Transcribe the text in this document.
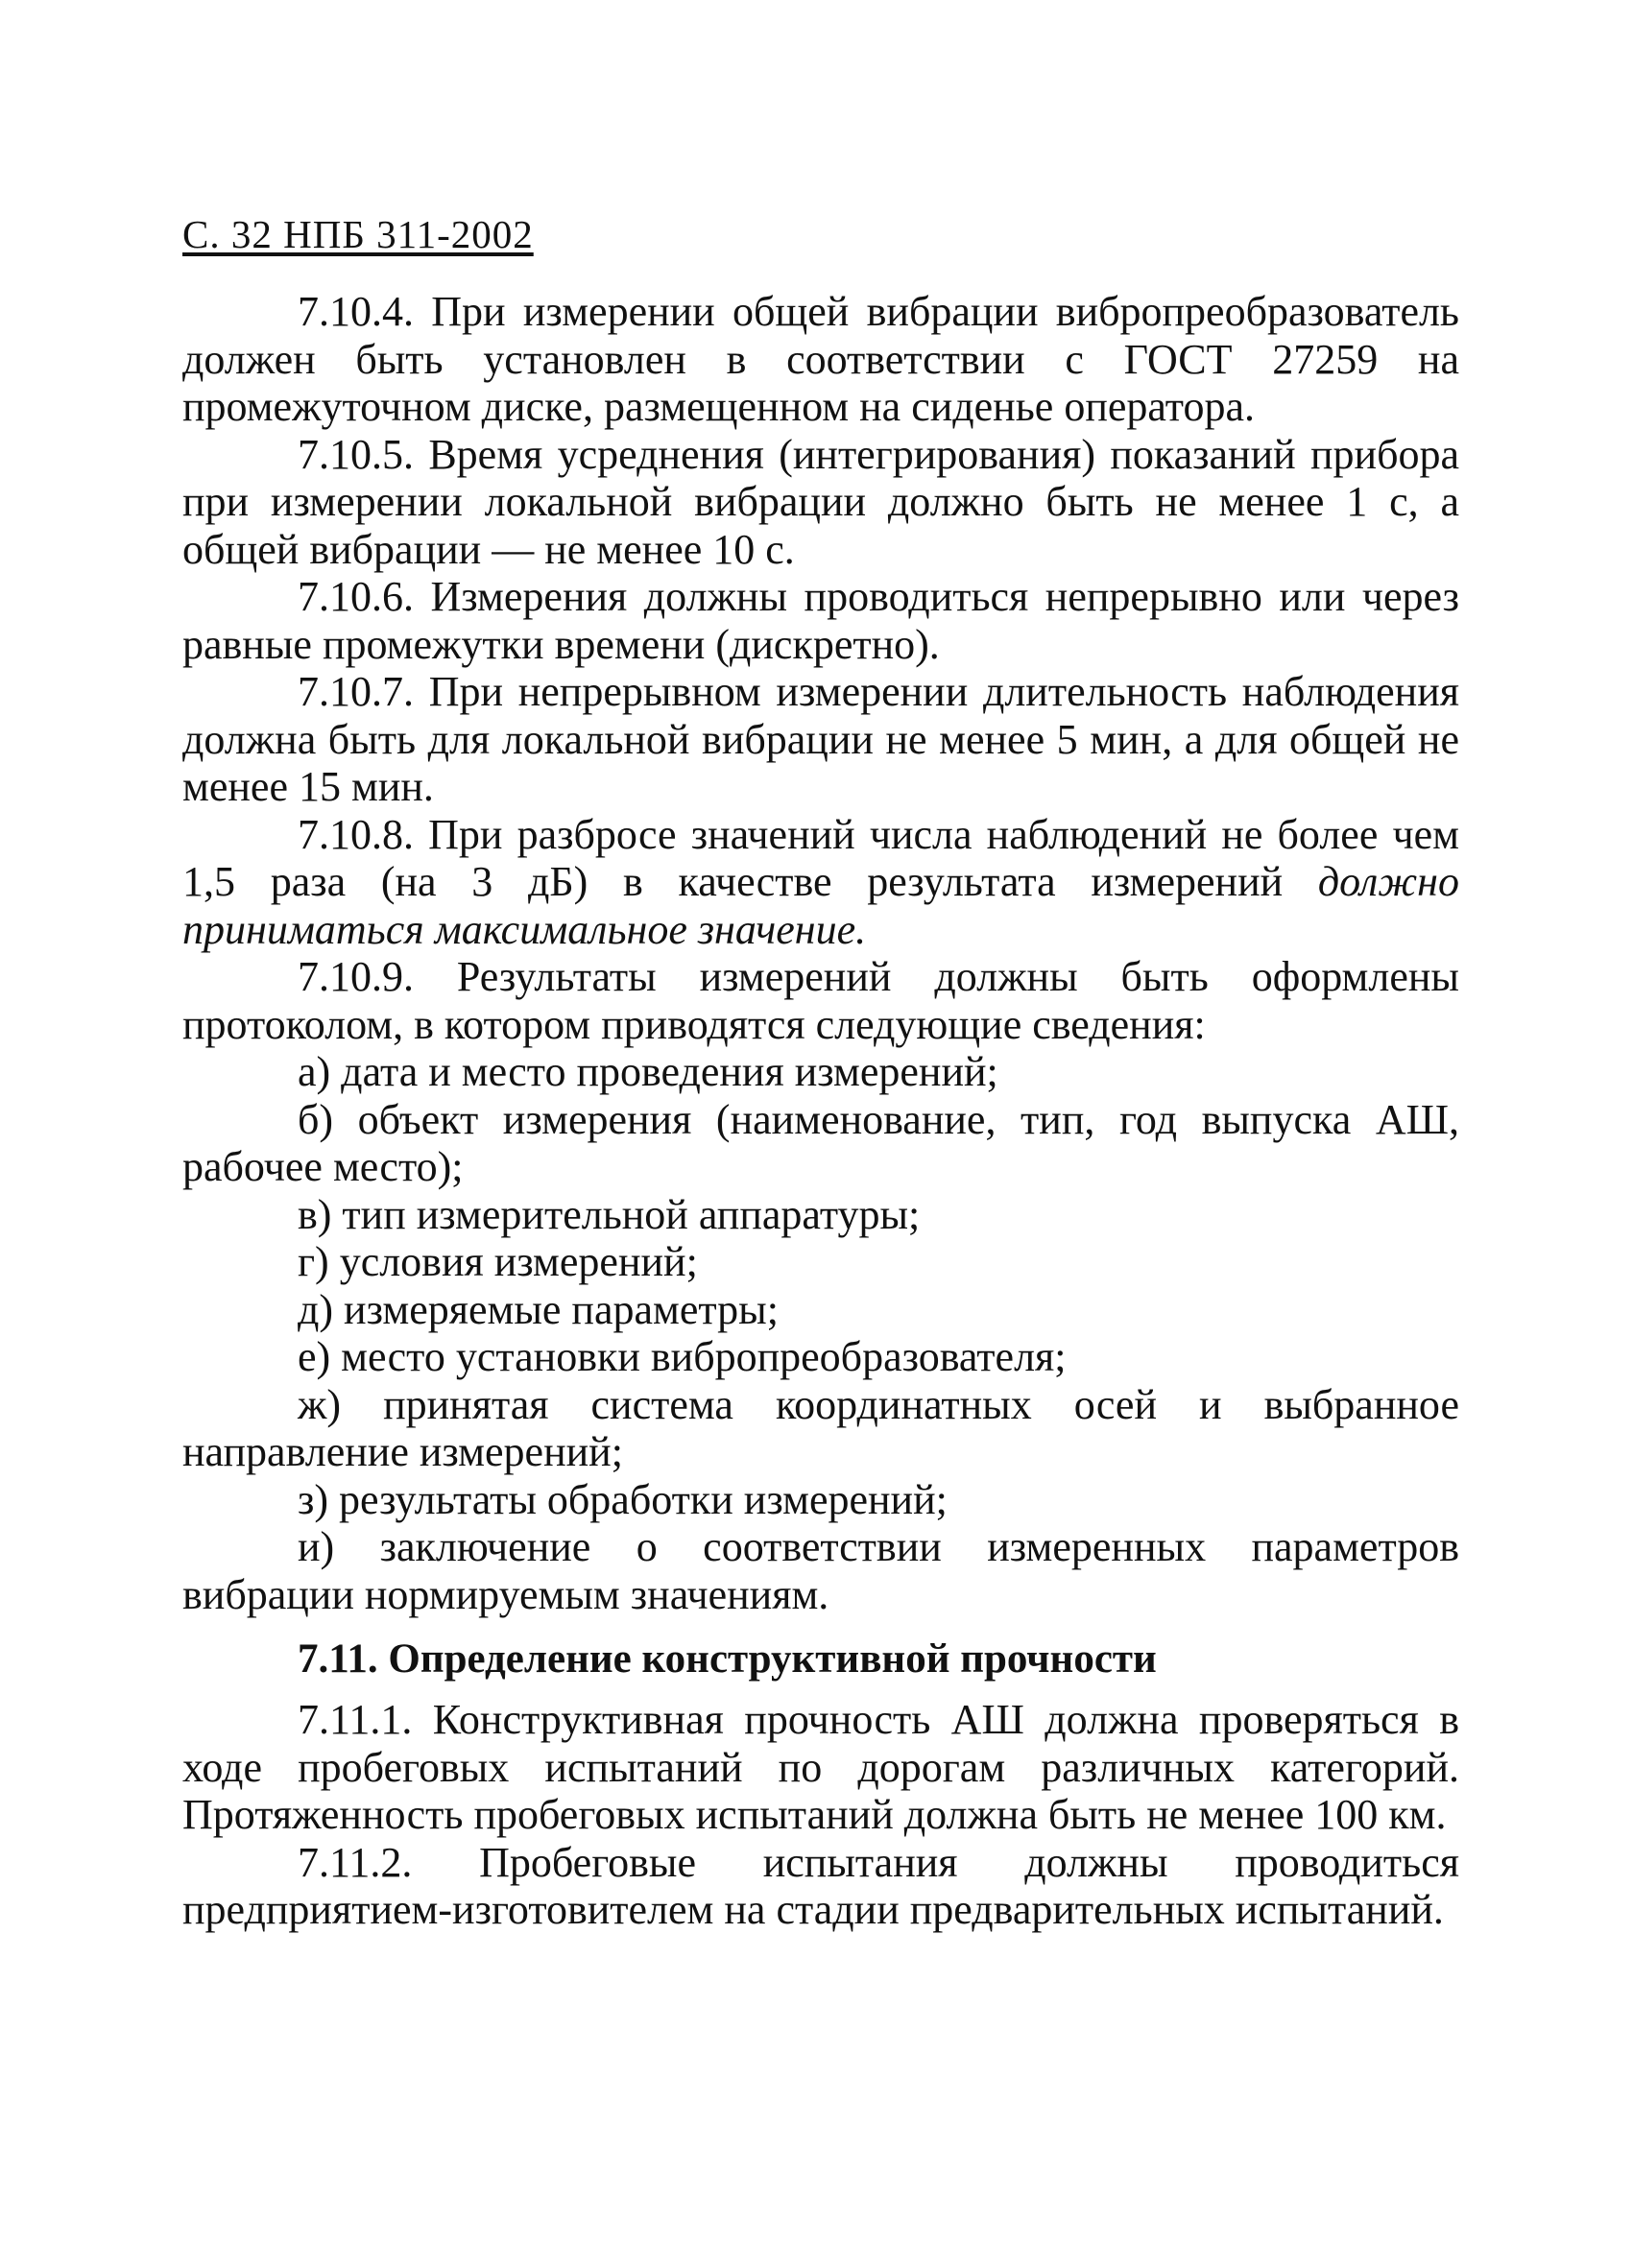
С. 32 НПБ 311-2002

7.10.4. При измерении общей вибрации вибропреобразователь должен быть установлен в соответствии с ГОСТ 27259 на промежуточном диске, размещенном на сиденье оператора.

7.10.5. Время усреднения (интегрирования) показаний прибора при измерении локальной вибрации должно быть не менее 1 с, а общей вибрации — не менее 10 с.

7.10.6. Измерения должны проводиться непрерывно или через равные промежутки времени (дискретно).

7.10.7. При непрерывном измерении длительность наблюдения должна быть для локальной вибрации не менее 5 мин, а для общей не менее 15 мин.

7.10.8. При разбросе значений числа наблюдений не более чем 1,5 раза (на 3 дБ) в качестве результата измерений должно приниматься максимальное значение.

7.10.9. Результаты измерений должны быть оформлены протоколом, в котором приводятся следующие сведения:

а) дата и место проведения измерений;

б) объект измерения (наименование, тип, год выпуска АШ, рабочее место);

в) тип измерительной аппаратуры;

г) условия измерений;

д) измеряемые параметры;

е) место установки вибропреобразователя;

ж) принятая система координатных осей и выбранное направление измерений;

з) результаты обработки измерений;

и) заключение о соответствии измеренных параметров вибрации нормируемым значениям.

7.11. Определение конструктивной прочности

7.11.1. Конструктивная прочность АШ должна проверяться в ходе пробеговых испытаний по дорогам различных категорий. Протяженность пробеговых испытаний должна быть не менее 100 км.

7.11.2. Пробеговые испытания должны проводиться предприятием-изготовителем на стадии предварительных испытаний.
